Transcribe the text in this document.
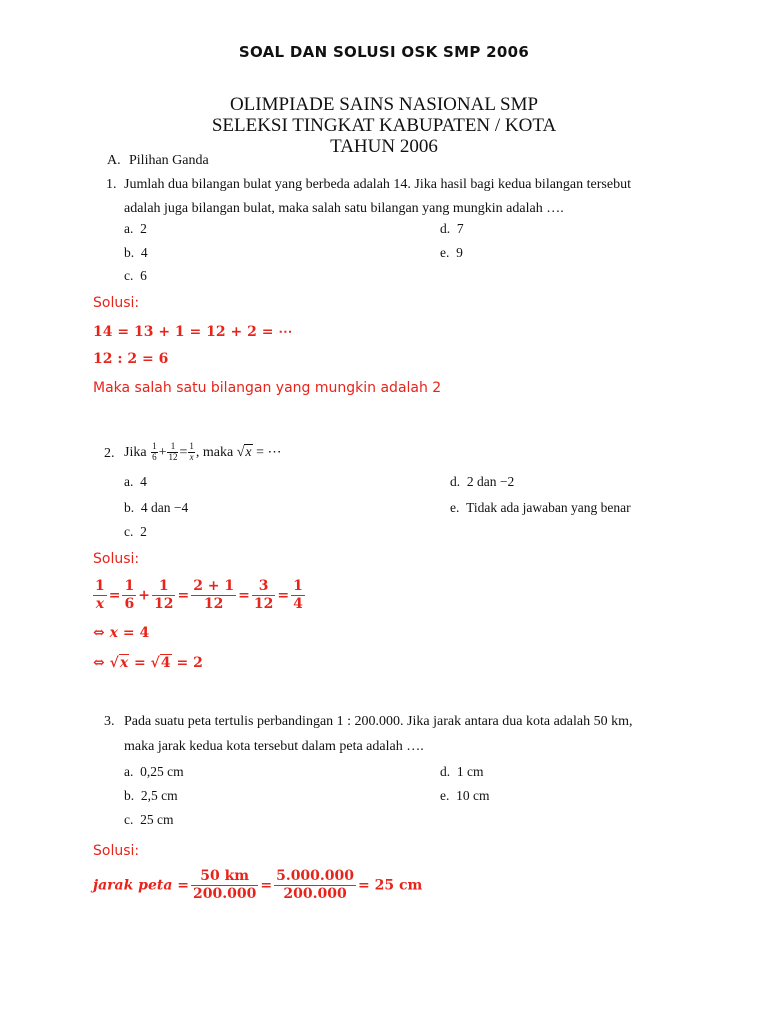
SOAL DAN SOLUSI OSK SMP 2006
OLIMPIADE SAINS NASIONAL SMP
SELEKSI TINGKAT KABUPATEN / KOTA
TAHUN 2006
A. Pilihan Ganda
1. Jumlah dua bilangan bulat yang berbeda adalah 14. Jika hasil bagi kedua bilangan tersebut
adalah juga bilangan bulat, maka salah satu bilangan yang mungkin adalah ….
a. 2
b. 4
c. 6
d. 7
e. 9
Solusi:
14 = 13 + 1 = 12 + 2 = ⋯
12 : 2 = 6
Maka salah satu bilangan yang mungkin adalah 2
2. Jika $\frac{1}{6} + \frac{1}{12} = \frac{1}{x}$ , maka √x = ⋯
a. 4
b. 4 dan −4
c. 2
d. 2 dan −2
e. Tidak ada jawaban yang benar
Solusi:
$\frac{1}{x} = \frac{1}{6} + \frac{1}{12} = \frac{2 + 1}{12} = \frac{3}{12} = \frac{1}{4}$
⇔ x = 4
⇔ √x = √4 = 2
3. Pada suatu peta tertulis perbandingan 1 : 200.000. Jika jarak antara dua kota adalah 50 km,
maka jarak kedua kota tersebut dalam peta adalah ….
a. 0,25 cm
b. 2,5 cm
c. 25 cm
d. 1 cm
e. 10 cm
Solusi:
jarak peta = $\frac{50 km}{200.000} = \frac{5.000.000}{200.000} = 25$ cm
